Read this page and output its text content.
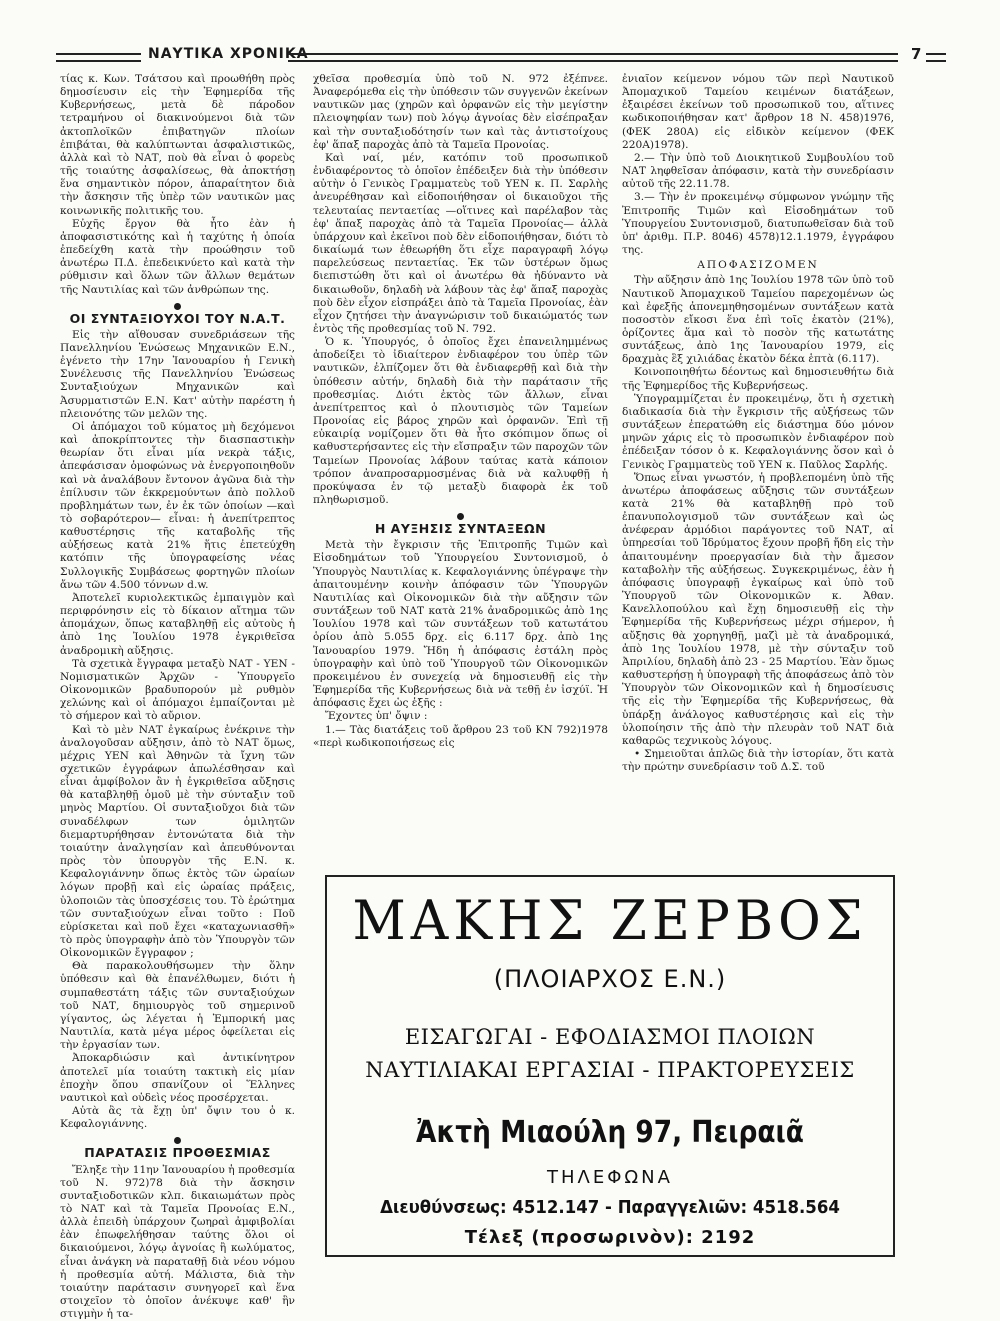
ΝΑΥΤΙΚΑ ΧΡΟΝΙΚΑ	7

τίας κ. Κων. Τσάτσου καὶ προωθήθη πρὸς δημοσίευσιν εἰς τὴν Ἐφημερίδα τῆς Κυβερνήσεως, μετὰ δὲ πάροδον τετραμήνου οἱ διακινούμενοι διὰ τῶν ἀκτοπλοϊκῶν ἐπιβατηγῶν πλοίων ἐπιβάται, θὰ καλύπτωνται ἀσφαλιστικῶς, ἀλλὰ καὶ τὸ ΝΑΤ, ποὺ θὰ εἶναι ὁ φορεὺς τῆς τοιαύτης ἀσφαλίσεως, θὰ ἀποκτήσῃ ἕνα σημαντικὸν πόρον, ἀπαραίτητον διὰ τὴν ἄσκησιν τῆς ὑπὲρ τῶν ναυτικῶν μας κοινωνικῆς πολιτικῆς του.

Εὐχῆς ἔργον θὰ ἦτο ἐὰν ἡ ἀποφασιστικότης καὶ ἡ ταχύτης ἡ ὁποία ἐπεδείχθη κατὰ τὴν προώθησιν τοῦ ἀνωτέρω Π.Δ. ἐπεδεικνύετο καὶ κατὰ τὴν ρύθμισιν καὶ ὅλων τῶν ἄλλων θεμάτων τῆς Ναυτιλίας καὶ τῶν ἀνθρώπων της.

ΟΙ ΣΥΝΤΑΞΙΟΥΧΟΙ ΤΟΥ Ν.Α.Τ.

Εἰς τὴν αἴθουσαν συνεδριάσεων τῆς Πανελληνίου Ἑνώσεως Μηχανικῶν Ε.Ν., ἐγένετο τὴν 17ην Ἰανουαρίου ἡ Γενικὴ Συνέλευσις τῆς Πανελληνίου Ἑνώσεως Συνταξιούχων Μηχανικῶν καὶ Ἀσυρματιστῶν Ε.Ν. Κατ' αὐτὴν παρέστη ἡ πλειονότης τῶν μελῶν της.

Οἱ ἀπόμαχοι τοῦ κύματος μὴ δεχόμενοι καὶ ἀποκρίπτοντες τὴν διασπαστικὴν θεωρίαν ὅτι εἶναι μία νεκρὰ τάξις, ἀπεφάσισαν ὁμοφώνως νὰ ἐνεργοποιηθοῦν καὶ νὰ ἀναλάβουν ἔντονον ἀγῶνα διὰ τὴν ἐπίλυσιν τῶν ἐκκρεμούντων ἀπὸ πολλοῦ προβλημάτων των, ἐν ἐκ τῶν ὁποίων —καὶ τὸ σοβαρότερον— εἶναι: ἡ ἀνεπίτρεπτος καθυστέρησις τῆς καταβολῆς τῆς αὐξήσεως κατὰ 21% ἥτις ἐπετεύχθη κατόπιν τῆς ὑπογραφείσης νέας Συλλογικῆς Συμβάσεως φορτηγῶν πλοίων ἄνω τῶν 4.500 τόννων d.w.

Ἀποτελεῖ κυριολεκτικῶς ἐμπαιγμὸν καὶ περιφρόνησιν εἰς τὸ δίκαιον αἴτημα τῶν ἀπομάχων, ὅπως καταβληθῇ εἰς αὐτοὺς ἡ ἀπὸ 1ης Ἰουλίου 1978 ἐγκριθεῖσα ἀναδρομικὴ αὔξησις.

Τὰ σχετικὰ ἔγγραφα μεταξὺ ΝΑΤ - ΥΕΝ - Νομισματικῶν Ἀρχῶν - Ὑπουργεῖο Οἰκονομικῶν βραδυπορούν μὲ ρυθμὸν χελώνης καὶ οἱ ἀπόμαχοι ἐμπαίζονται μὲ τὸ σήμερον καὶ τὸ αὔριον.

Καὶ τὸ μὲν ΝΑΤ ἐγκαίρως ἐνέκρινε τὴν ἀναλογοῦσαν αὔξησιν, ἀπὸ τὸ ΝΑΤ ὅμως, μέχρις ΥΕΝ καὶ Ἀθηνῶν τὰ ἴχνη τῶν σχετικῶν ἐγγράφων ἀπωλέσθησαν καὶ εἶναι ἀμφίβολον ἂν ἡ ἐγκριθεῖσα αὔξησις θὰ καταβληθῇ ὁμοῦ μὲ τὴν σύνταξιν τοῦ μηνὸς Μαρτίου. Οἱ συνταξιοῦχοι διὰ τῶν συναδέλφων των ὁμιλητῶν διεμαρτυρήθησαν ἐντονώτατα διὰ τὴν τοιαύτην ἀναλγησίαν καὶ ἀπευθύνονται πρὸς τὸν ὑπουργὸν τῆς Ε.Ν. κ. Κεφαλογιάννην ὅπως ἐκτὸς τῶν ὡραίων λόγων προβῇ καὶ εἰς ὡραίας πράξεις, ὑλοποιῶν τὰς ὑποσχέσεις του. Τὸ ἐρώτημα τῶν συνταξιούχων εἶναι τοῦτο : Ποῦ εὑρίσκεται καὶ ποῦ ἔχει «καταχωνιασθῆ» τὸ πρὸς ὑπογραφὴν ἀπὸ τὸν Ὑπουργὸν τῶν Οἰκονομικῶν ἔγγραφον ;

Θὰ παρακολουθήσωμεν τὴν ὅλην ὑπόθεσιν καὶ θὰ ἐπανέλθωμεν, διότι ἡ συμπαθεστάτη τάξις τῶν συνταξιούχων τοῦ ΝΑΤ, δημιουργὸς τοῦ σημερινοῦ γίγαντος, ὡς λέγεται ἡ Ἐμπορική μας Ναυτιλία, κατὰ μέγα μέρος ὀφείλεται εἰς τὴν ἐργασίαν των.

Ἀποκαρδιώσιν καὶ ἀντικίνητρον ἀποτελεῖ μία τοιαύτη τακτικὴ εἰς μίαν ἐποχὴν ὅπου σπανίζουν οἱ Ἕλληνες ναυτικοὶ καὶ οὐδεὶς νέος προσέρχεται.

Αὐτὰ ἂς τὰ ἔχῃ ὑπ' ὄψιν του ὁ κ. Κεφαλογιάννης.

ΠΑΡΑΤΑΣΙΣ ΠΡΟΘΕΣΜΙΑΣ

Ἔληξε τὴν 11ην Ἰανουαρίου ἡ προθεσμία τοῦ Ν. 972)78 διὰ τὴν ἄσκησιν συνταξιοδοτικῶν κλπ. δικαιωμάτων πρὸς τὸ ΝΑΤ καὶ τὰ Ταμεῖα Προνοίας Ε.Ν., ἀλλὰ ἐπειδὴ ὑπάρχουν ζωηραὶ ἀμφιβολίαι ἐὰν ἐπωφελήθησαν ταύτης ὅλοι οἱ δικαιούμενοι, λόγῳ ἀγνοίας ἢ κωλύματος, εἶναι ἀνάγκη νὰ παραταθῇ διὰ νέου νόμου ἡ προθεσμία αὐτή. Μάλιστα, διὰ τὴν τοιαύτην παράτασιν συνηγορεῖ καὶ ἕνα στοιχεῖον τὸ ὁποῖον ἀνέκυψε καθ' ἣν στιγμὴν ἡ τα-

χθεῖσα προθεσμία ὑπὸ τοῦ Ν. 972 ἐξέπνεε. Ἀναφερόμεθα εἰς τὴν ὑπόθεσιν τῶν συγγενῶν ἐκείνων ναυτικῶν μας (χηρῶν καὶ ὀρφανῶν εἰς τὴν μεγίστην πλειοψηφίαν των) ποὺ λόγῳ ἀγνοίας δὲν εἰσέπραξαν καὶ τὴν συνταξιοδότησίν των καὶ τὰς ἀντιστοίχους ἐφ' ἅπαξ παροχὰς ἀπὸ τὰ Ταμεῖα Προνοίας.

Καὶ ναί, μέν, κατόπιν τοῦ προσωπικοῦ ἐνδιαφέροντος τὸ ὁποῖον ἐπέδειξεν διὰ τὴν ὑπόθεσιν αὐτὴν ὁ Γενικὸς Γραμματεὺς τοῦ ΥΕΝ κ. Π. Σαρλὴς ἀνευρέθησαν καὶ εἰδοποιήθησαν οἱ δικαιοῦχοι τῆς τελευταίας πενταετίας —οἵτινες καὶ παρέλαβον τὰς ἐφ' ἅπαξ παροχὰς ἀπὸ τὰ Ταμεῖα Προνοίας— ἀλλὰ ὑπάρχουν καὶ ἐκεῖνοι ποὺ δὲν εἰδοποιήθησαν, διότι τὸ δικαίωμά των ἐθεωρήθη ὅτι εἶχε παραγραφῆ λόγῳ παρελεύσεως πενταετίας. Ἐκ τῶν ὑστέρων ὅμως διεπιστώθη ὅτι καὶ οἱ ἀνωτέρω θὰ ἠδύναντο νὰ δικαιωθοῦν, δηλαδὴ νὰ λάβουν τὰς ἐφ' ἅπαξ παροχὰς ποὺ δὲν εἶχον εἰσπράξει ἀπὸ τὰ Ταμεῖα Προνοίας, ἐὰν εἶχον ζητήσει τὴν ἀναγνώρισιν τοῦ δικαιώματός των ἐντὸς τῆς προθεσμίας τοῦ Ν. 792.

Ὁ κ. Ὑπουργός, ὁ ὁποῖος ἔχει ἐπανειλημμένως ἀποδείξει τὸ ἰδιαίτερον ἐνδιαφέρον του ὑπὲρ τῶν ναυτικῶν, ἐλπίζομεν ὅτι θὰ ἐνδιαφερθῇ καὶ διὰ τὴν ὑπόθεσιν αὐτήν, δηλαδὴ διὰ τὴν παράτασιν τῆς προθεσμίας. Διότι ἐκτὸς τῶν ἄλλων, εἶναι ἀνεπίτρεπτος καὶ ὁ πλουτισμὸς τῶν Ταμείων Προνοίας εἰς βάρος χηρῶν καὶ ὀρφανῶν. Ἐπὶ τῇ εὐκαιρίᾳ νομίζομεν ὅτι θὰ ἦτο σκόπιμον ὅπως οἱ καθυστερήσαντες εἰς τὴν εἴσπραξιν τῶν παροχῶν τῶν Ταμείων Προνοίας λάβουν ταύτας κατὰ κάποιον τρόπον ἀναπροσαρμοσμένας διὰ νὰ καλυφθῇ ἡ προκύψασα ἐν τῷ μεταξὺ διαφορὰ ἐκ τοῦ πληθωρισμοῦ.

Η ΑΥΞΗΣΙΣ ΣΥΝΤΑΞΕΩΝ

Μετὰ τὴν ἔγκρισιν τῆς Ἐπιτροπῆς Τιμῶν καὶ Εἰσοδημάτων τοῦ Ὑπουργείου Συντονισμοῦ, ὁ Ὑπουργὸς Ναυτιλίας κ. Κεφαλογιάννης ὑπέγραψε τὴν ἀπαιτουμένην κοινὴν ἀπόφασιν τῶν Ὑπουργῶν Ναυτιλίας καὶ Οἰκονομικῶν διὰ τὴν αὔξησιν τῶν συντάξεων τοῦ ΝΑΤ κατὰ 21% ἀναδρομικῶς ἀπὸ 1ης Ἰουλίου 1978 καὶ τῶν συντάξεων τοῦ κατωτάτου ὁρίου ἀπὸ 5.055 δρχ. εἰς 6.117 δρχ. ἀπὸ 1ης Ἰανουαρίου 1979. Ἤδη ἡ ἀπόφασις ἐστάλη πρὸς ὑπογραφὴν καὶ ὑπὸ τοῦ Ὑπουργοῦ τῶν Οἰκονομικῶν προκειμένου ἐν συνεχείᾳ νὰ δημοσιευθῇ εἰς τὴν Ἐφημερίδα τῆς Κυβερνήσεως διὰ νὰ τεθῇ ἐν ἰσχύϊ. Ἡ ἀπόφασις ἔχει ὡς ἑξῆς :

Ἔχοντες ὑπ' ὄψιν :

1.— Τὰς διατάξεις τοῦ ἄρθρου 23 τοῦ ΚΝ 792)1978 «περὶ κωδικοποιήσεως εἰς

ἐνιαῖον κείμενον νόμου τῶν περὶ Ναυτικοῦ Ἀπομαχικοῦ Ταμείου κειμένων διατάξεων, ἐξαιρέσει ἐκείνων τοῦ προσωπικοῦ του, αἵτινες κωδικοποιήθησαν κατ' ἄρθρον 18 Ν. 458)1976, (ΦΕΚ 280Α) εἰς εἰδικὸν κείμενον (ΦΕΚ 220Α)1978).

2.— Τὴν ὑπὸ τοῦ Διοικητικοῦ Συμβουλίου τοῦ ΝΑΤ ληφθεῖσαν ἀπόφασιν, κατὰ τὴν συνεδρίασιν αὐτοῦ τῆς 22.11.78.

3.— Τὴν ἐν προκειμένῳ σύμφωνον γνώμην τῆς Ἐπιτροπῆς Τιμῶν καὶ Εἰσοδημάτων τοῦ Ὑπουργείου Συντονισμοῦ, διατυπωθεῖσαν διὰ τοῦ ὑπ' ἀριθμ. Π.Ρ. 8046) 4578)12.1.1979, ἐγγράφου της.

ΑΠΟΦΑΣΙΖΟΜΕΝ

Τὴν αὔξησιν ἀπὸ 1ης Ἰουλίου 1978 τῶν ὑπὸ τοῦ Ναυτικοῦ Ἀπομαχικοῦ Ταμείου παρεχομένων ὡς καὶ ἐφεξῆς ἀπονεμηθησομένων συντάξεων κατὰ ποσοστὸν εἴκοσι ἕνα ἐπὶ τοῖς ἑκατὸν (21%), ὁρίζοντες ἅμα καὶ τὸ ποσὸν τῆς κατωτάτης συντάξεως, ἀπὸ 1ης Ἰανουαρίου 1979, εἰς δραχμὰς ἓξ χιλιάδας ἑκατὸν δέκα ἑπτὰ (6.117).

Κοινοποιηθήτω δέοντως καὶ δημοσιευθήτω διὰ τῆς Ἐφημερίδος τῆς Κυβερνήσεως.

Ὑπογραμμίζεται ἐν προκειμένῳ, ὅτι ἡ σχετικὴ διαδικασία διὰ τὴν ἔγκρισιν τῆς αὐξήσεως τῶν συντάξεων ἐπερατώθη εἰς διάστημα δύο μόνον μηνῶν χάρις εἰς τὸ προσωπικὸν ἐνδιαφέρον ποὺ ἐπέδειξαν τόσον ὁ κ. Κεφαλογιάννης ὅσον καὶ ὁ Γενικὸς Γραμματεὺς τοῦ ΥΕΝ κ. Παῦλος Σαρλής.

Ὅπως εἶναι γνωστόν, ἡ προβλεπομένη ὑπὸ τῆς ἀνωτέρω ἀποφάσεως αὔξησις τῶν συντάξεων κατὰ 21% θὰ καταβληθῇ πρὸ τοῦ ἐπανυπολογισμοῦ τῶν συντάξεων καὶ ὡς ἀνέφεραν ἁρμόδιοι παράγοντες τοῦ ΝΑΤ, αἱ ὑπηρεσίαι τοῦ Ἱδρύματος ἔχουν προβῆ ἤδη εἰς τὴν ἀπαιτουμένην προεργασίαν διὰ τὴν ἄμεσον καταβολὴν τῆς αὐξήσεως. Συγκεκριμένως, ἐὰν ἡ ἀπόφασις ὑπογραφῇ ἐγκαίρως καὶ ὑπὸ τοῦ Ὑπουργοῦ τῶν Οἰκονομικῶν κ. Ἀθαν. Κανελλοπούλου καὶ ἔχῃ δημοσιευθῇ εἰς τὴν Ἐφημερίδα τῆς Κυβερνήσεως μέχρι σήμερον, ἡ αὔξησις θὰ χορηγηθῇ, μαζὶ μὲ τὰ ἀναδρομικά, ἀπὸ 1ης Ἰουλίου 1978, μὲ τὴν σύνταξιν τοῦ Ἀπριλίου, δηλαδὴ ἀπὸ 23 - 25 Μαρτίου. Ἐὰν ὅμως καθυστερήσῃ ἡ ὑπογραφὴ τῆς ἀποφάσεως ἀπὸ τὸν Ὑπουργὸν τῶν Οἰκονομικῶν καὶ ἡ δημοσίευσις τῆς εἰς τὴν Ἐφημερίδα τῆς Κυβερνήσεως, θὰ ὑπάρξῃ ἀνάλογος καθυστέρησις καὶ εἰς τὴν ὑλοποίησιν τῆς ἀπὸ τὴν πλευρὰν τοῦ ΝΑΤ διὰ καθαρῶς τεχνικοὺς λόγους.

• Σημειοῦται ἁπλῶς διὰ τὴν ἱστορίαν, ὅτι κατὰ τὴν πρώτην συνεδρίασιν τοῦ Δ.Σ. τοῦ

ΜΑΚΗΣ ΖΕΡΒΟΣ
(ΠΛΟΙΑΡΧΟΣ Ε.Ν.)
ΕΙΣΑΓΩΓΑΙ - ΕΦΟΔΙΑΣΜΟΙ ΠΛΟΙΩΝ
ΝΑΥΤΙΛΙΑΚΑΙ ΕΡΓΑΣΙΑΙ - ΠΡΑΚΤΟΡΕΥΣΕΙΣ
Ἀκτὴ Μιαούλη 97, Πειραιᾶ
ΤΗΛΕΦΩΝΑ
Διευθύνσεως: 4512.147 - Παραγγελιῶν: 4518.564
Τέλεξ (προσωρινὸν): 2192
